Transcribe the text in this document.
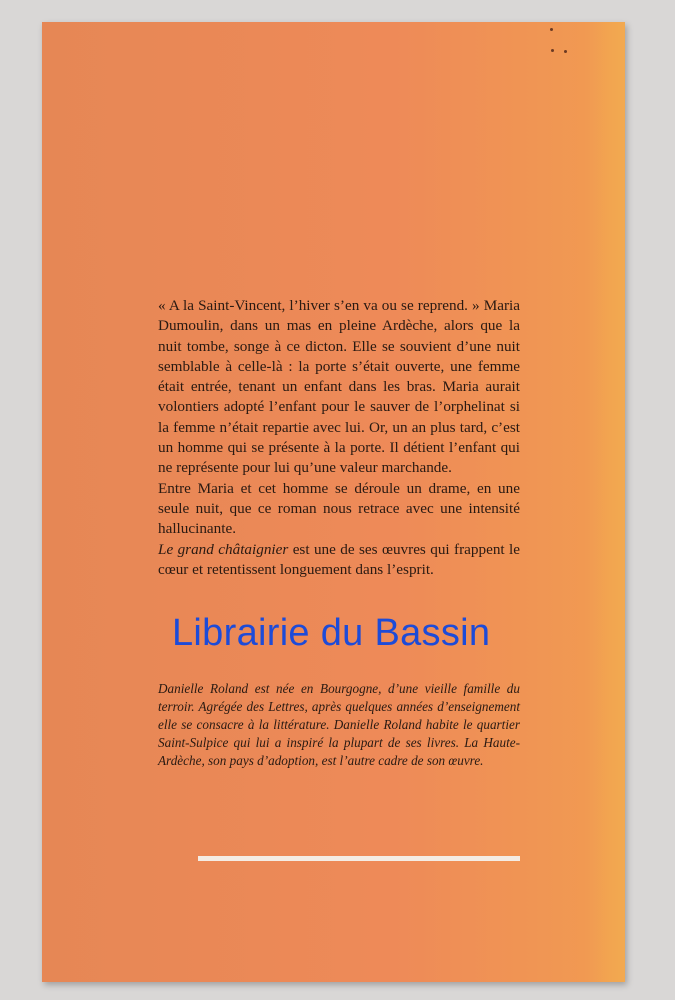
« A la Saint-Vincent, l’hiver s’en va ou se reprend. » Maria Dumoulin, dans un mas en pleine Ardèche, alors que la nuit tombe, songe à ce dicton. Elle se souvient d’une nuit semblable à celle-là : la porte s’était ouverte, une femme était entrée, tenant un enfant dans les bras. Maria aurait volontiers adopté l’enfant pour le sauver de l’orphelinat si la femme n’était repartie avec lui. Or, un an plus tard, c’est un homme qui se présente à la porte. Il détient l’enfant qui ne représente pour lui qu’une valeur marchande.

Entre Maria et cet homme se déroule un drame, en une seule nuit, que ce roman nous retrace avec une intensité hallucinante.

Le grand châtaignier est une de ses œuvres qui frappent le cœur et retentissent longuement dans l’esprit.

Danielle Roland est née en Bourgogne, d’une vieille famille du terroir. Agrégée des Lettres, après quelques années d’enseignement elle se consacre à la littérature. Danielle Roland habite le quartier Saint-Sulpice qui lui a inspiré la plupart de ses livres. La Haute-Ardèche, son pays d’adoption, est l’autre cadre de son œuvre.
Librairie du Bassin
